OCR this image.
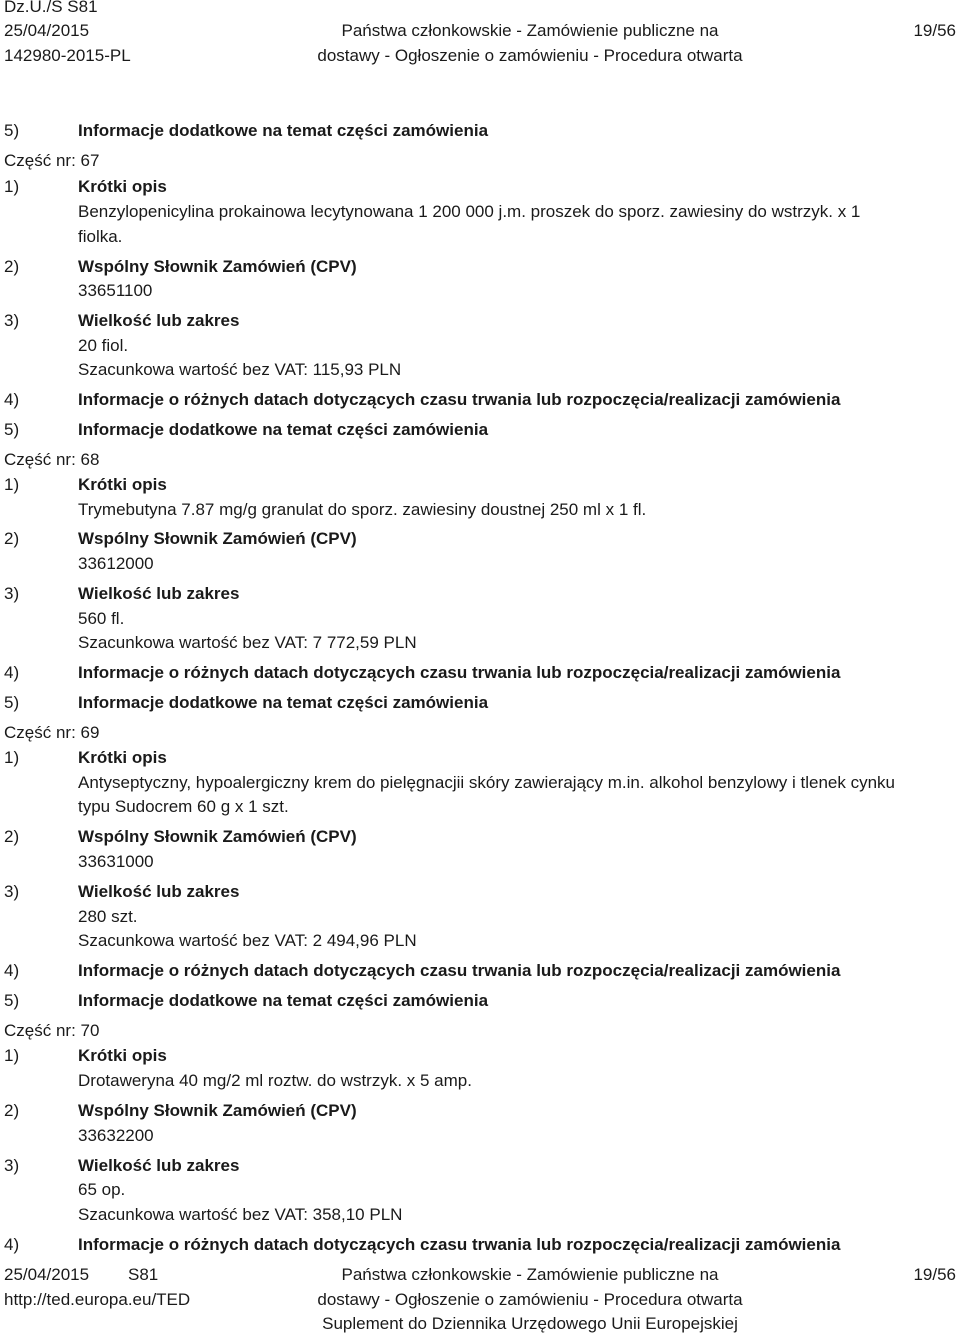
Dz.U./S S81
25/04/2015
142980-2015-PL
Państwa członkowskie - Zamówienie publiczne na
dostawy - Ogłoszenie o zamówieniu - Procedura otwarta
19/56
5)	Informacje dodatkowe na temat części zamówienia
Część nr: 67
1)	Krótki opis
Benzylopenicylina prokainowa lecytynowana 1 200 000 j.m. proszek do sporz. zawiesiny do wstrzyk. x 1
fiolka.
2)	Wspólny Słownik Zamówień (CPV)
33651100
3)	Wielkość lub zakres
20 fiol.
Szacunkowa wartość bez VAT: 115,93 PLN
4)	Informacje o różnych datach dotyczących czasu trwania lub rozpoczęcia/realizacji zamówienia
5)	Informacje dodatkowe na temat części zamówienia
Część nr: 68
1)	Krótki opis
Trymebutyna 7.87 mg/g granulat do sporz. zawiesiny doustnej 250 ml x 1 fl.
2)	Wspólny Słownik Zamówień (CPV)
33612000
3)	Wielkość lub zakres
560 fl.
Szacunkowa wartość bez VAT: 7 772,59 PLN
4)	Informacje o różnych datach dotyczących czasu trwania lub rozpoczęcia/realizacji zamówienia
5)	Informacje dodatkowe na temat części zamówienia
Część nr: 69
1)	Krótki opis
Antyseptyczny, hypoalergiczny krem do pielęgnacjii skóry zawierający m.in. alkohol benzylowy i tlenek cynku
typu Sudocrem 60 g x 1 szt.
2)	Wspólny Słownik Zamówień (CPV)
33631000
3)	Wielkość lub zakres
280 szt.
Szacunkowa wartość bez VAT: 2 494,96 PLN
4)	Informacje o różnych datach dotyczących czasu trwania lub rozpoczęcia/realizacji zamówienia
5)	Informacje dodatkowe na temat części zamówienia
Część nr: 70
1)	Krótki opis
Drotaweryna 40 mg/2 ml roztw. do wstrzyk. x 5 amp.
2)	Wspólny Słownik Zamówień (CPV)
33632200
3)	Wielkość lub zakres
65 op.
Szacunkowa wartość bez VAT: 358,10 PLN
4)	Informacje o różnych datach dotyczących czasu trwania lub rozpoczęcia/realizacji zamówienia
25/04/2015 S81
http://ted.europa.eu/TED
Państwa członkowskie - Zamówienie publiczne na
dostawy - Ogłoszenie o zamówieniu - Procedura otwarta
Suplement do Dziennika Urzędowego Unii Europejskiej
19/56
